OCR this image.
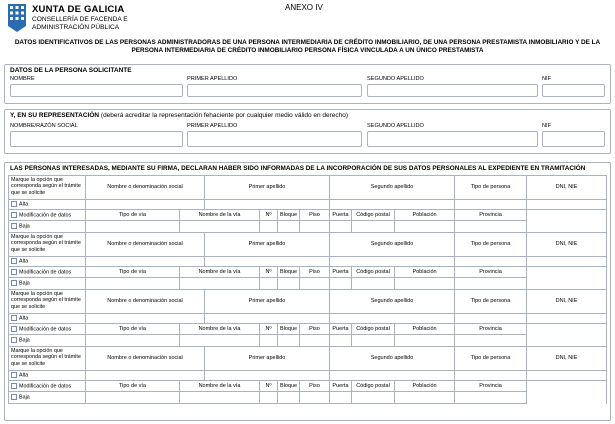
XUNTA DE GALICIA
CONSELLERÍA DE FACENDA E
ADMINISTRACIÓN PÚBLICA
ANEXO IV
DATOS IDENTIFICATIVOS DE LAS PERSONAS ADMINISTRADORAS DE UNA PERSONA INTERMEDIARIA DE CRÉDITO INMOBILIARIO, DE UNA PERSONA PRESTAMISTA INMOBILIARIO Y DE LA
PERSONA INTERMEDIARIA DE CRÉDITO INMOBILIARIO PERSONA FÍSICA VINCULADA A UN ÚNICO PRESTAMISTA
DATOS DE LA PERSONA SOLICITANTE
NOMBRE	PRIMER APELLIDO	SEGUNDO APELLIDO	NIF
Y, EN SU REPRESENTACIÓN (deberá acreditar la representación fehaciente por cualquier medio válido en derecho)
NOMBRE/RAZÓN SOCIAL	PRIMER APELLIDO	SEGUNDO APELLIDO	NIF
LAS PERSONAS INTERESADAS, MEDIANTE SU FIRMA, DECLARAN HABER SIDO INFORMADAS DE LA INCORPORACIÓN DE SUS DATOS PERSONALES AL EXPEDIENTE EN TRAMITACIÓN
Marque la opción que corresponda según el trámite que se solicite	Nombre o denominación social		Primer apellido				Segundo apellido			Tipo de persona	DNI, NIE	
Alta												
Modificación de datos	Tipo de vía	Nombre de la vía		Nº	Bloque	Piso	Puerta	Código postal	Población	Provincia		
Baja												
Marque la opción que corresponda según el trámite que se solicite	Nombre o denominación social		Primer apellido				Segundo apellido			Tipo de persona	DNI, NIE	
Alta												
Modificación de datos	Tipo de vía	Nombre de la vía		Nº	Bloque	Piso	Puerta	Código postal	Población	Provincia		
Baja												
Marque la opción que corresponda según el trámite que se solicite	Nombre o denominación social		Primer apellido				Segundo apellido			Tipo de persona	DNI, NIE	
Alta												
Modificación de datos	Tipo de vía	Nombre de la vía		Nº	Bloque	Piso	Puerta	Código postal	Población	Provincia		
Baja												
Marque la opción que corresponda según el trámite que se solicite	Nombre o denominación social		Primer apellido				Segundo apellido			Tipo de persona	DNI, NIE	
Alta												
Modificación de datos	Tipo de vía	Nombre de la vía		Nº	Bloque	Piso	Puerta	Código postal	Población	Provincia		
Baja												
